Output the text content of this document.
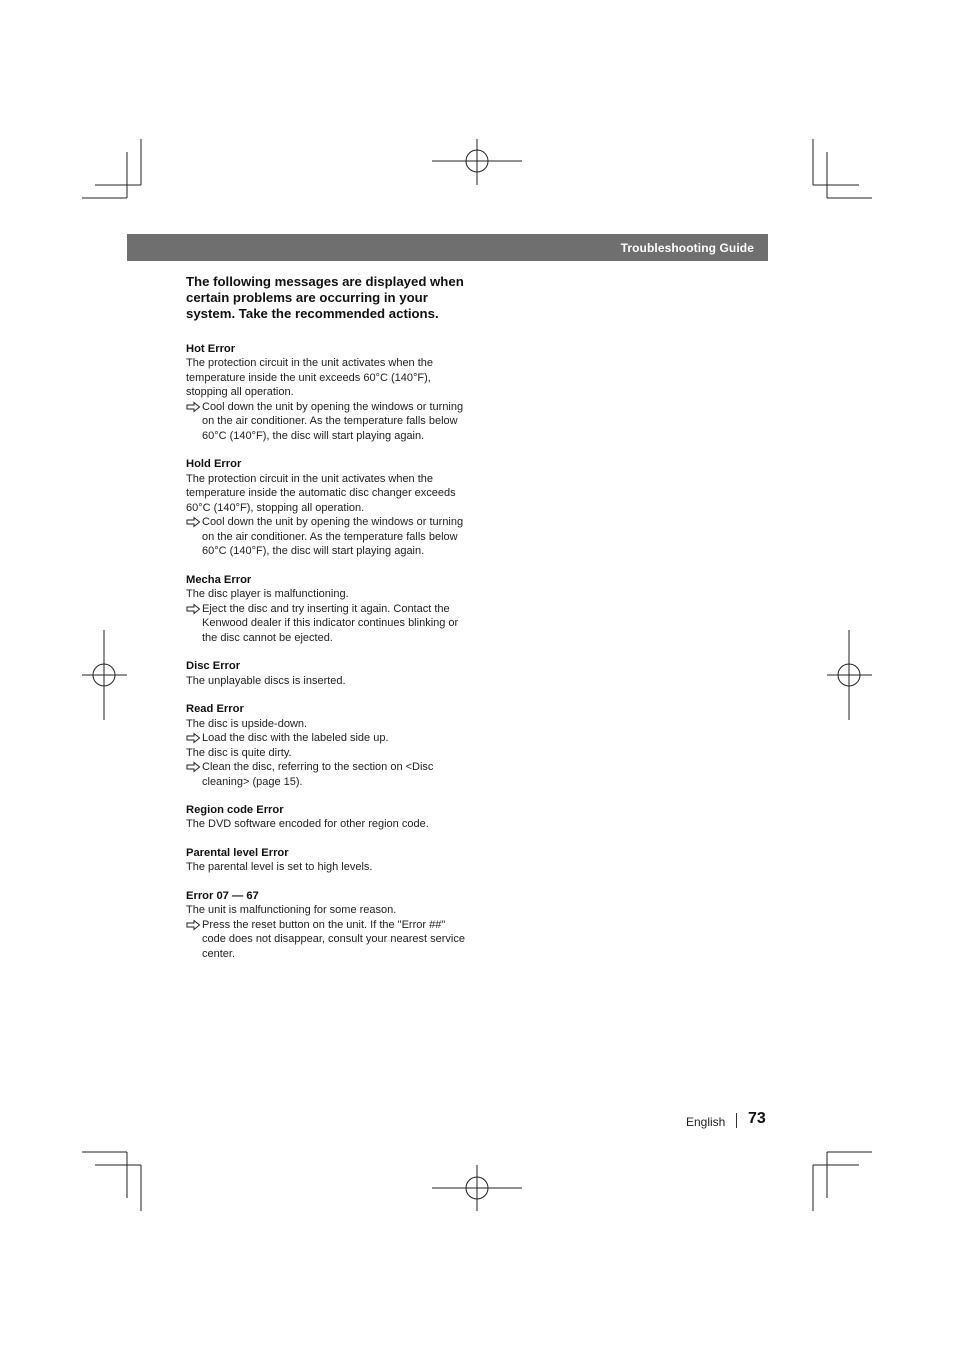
Troubleshooting Guide

The following messages are displayed when certain problems are occurring in your system. Take the recommended actions.

Hot Error
The protection circuit in the unit activates when the temperature inside the unit exceeds 60°C (140°F), stopping all operation.
Cool down the unit by opening the windows or turning on the air conditioner. As the temperature falls below 60°C (140°F), the disc will start playing again.
Hold Error
The protection circuit in the unit activates when the temperature inside the automatic disc changer exceeds 60°C (140°F), stopping all operation.
Cool down the unit by opening the windows or turning on the air conditioner. As the temperature falls below 60°C (140°F), the disc will start playing again.
Mecha Error
The disc player is malfunctioning.
Eject the disc and try inserting it again. Contact the Kenwood dealer if this indicator continues blinking or the disc cannot be ejected.
Disc Error
The unplayable discs is inserted.
Read Error
The disc is upside-down.
Load the disc with the labeled side up.
The disc is quite dirty.
Clean the disc, referring to the section on <Disc cleaning> (page 15).
Region code Error
The DVD software encoded for other region code.
Parental level Error
The parental level is set to high levels.
Error 07 — 67
The unit is malfunctioning for some reason.
Press the reset button on the unit. If the "Error ##" code does not disappear, consult your nearest service center.
English 73
